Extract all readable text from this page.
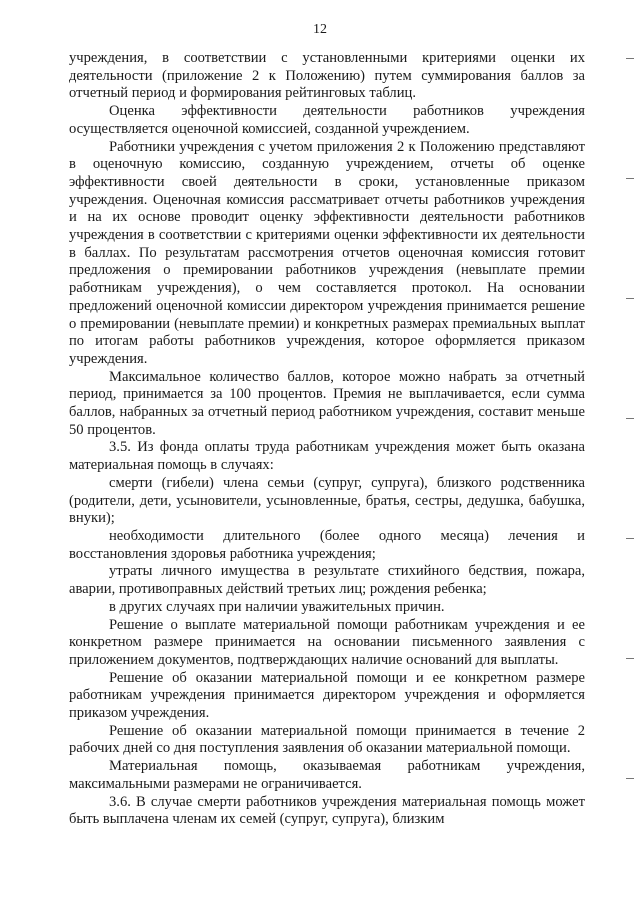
12

учреждения, в соответствии с установленными критериями оценки их деятельности (приложение 2 к Положению) путем суммирования баллов за отчетный период и формирования рейтинговых таблиц.

Оценка эффективности деятельности работников учреждения осуществляется оценочной комиссией, созданной учреждением.

Работники учреждения с учетом приложения 2 к Положению представляют в оценочную комиссию, созданную учреждением, отчеты об оценке эффективности своей деятельности в сроки, установленные приказом учреждения. Оценочная комиссия рассматривает отчеты работников учреждения и на их основе проводит оценку эффективности деятельности работников учреждения в соответствии с критериями оценки эффективности их деятельности в баллах. По результатам рассмотрения отчетов оценочная комиссия готовит предложения о премировании работников учреждения (невыплате премии работникам учреждения), о чем составляется протокол. На основании предложений оценочной комиссии директором учреждения принимается решение о премировании (невыплате премии) и конкретных размерах премиальных выплат по итогам работы работников учреждения, которое оформляется приказом учреждения.

Максимальное количество баллов, которое можно набрать за отчетный период, принимается за 100 процентов. Премия не выплачивается, если сумма баллов, набранных за отчетный период работником учреждения, составит меньше 50 процентов.

3.5. Из фонда оплаты труда работникам учреждения может быть оказана материальная помощь в случаях:

смерти (гибели) члена семьи (супруг, супруга), близкого родственника (родители, дети, усыновители, усыновленные, братья, сестры, дедушка, бабушка, внуки);

необходимости длительного (более одного месяца) лечения и восстановления здоровья работника учреждения;

утраты личного имущества в результате стихийного бедствия, пожара, аварии, противоправных действий третьих лиц; рождения ребенка;

в других случаях при наличии уважительных причин.

Решение о выплате материальной помощи работникам учреждения и ее конкретном размере принимается на основании письменного заявления с приложением документов, подтверждающих наличие оснований для выплаты.

Решение об оказании материальной помощи и ее конкретном размере работникам учреждения принимается директором учреждения и оформляется приказом учреждения.

Решение об оказании материальной помощи принимается в течение 2 рабочих дней со дня поступления заявления об оказании материальной помощи.

Материальная помощь, оказываемая работникам учреждения, максимальными размерами не ограничивается.

3.6. В случае смерти работников учреждения материальная помощь может быть выплачена членам их семей (супруг, супруга), близким
